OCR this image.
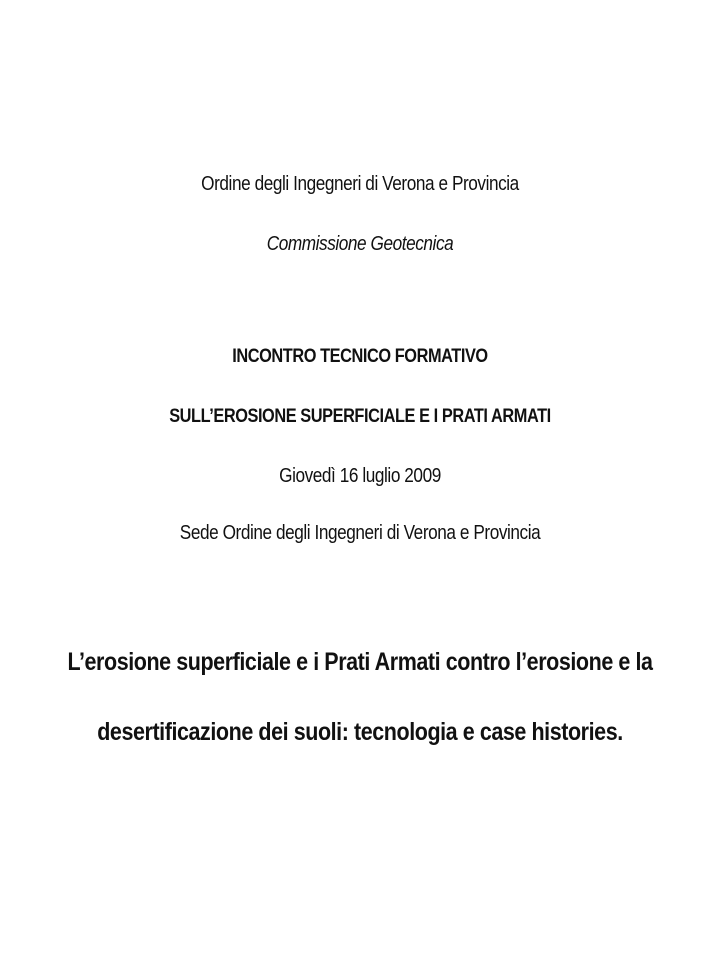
Ordine degli Ingegneri di Verona e Provincia
Commissione Geotecnica
INCONTRO TECNICO FORMATIVO
SULL’EROSIONE SUPERFICIALE E I PRATI ARMATI
Giovedì 16 luglio 2009
Sede Ordine degli Ingegneri di Verona e Provincia
L’erosione superficiale e i Prati Armati contro l’erosione e la
desertificazione dei suoli: tecnologia e case histories.
